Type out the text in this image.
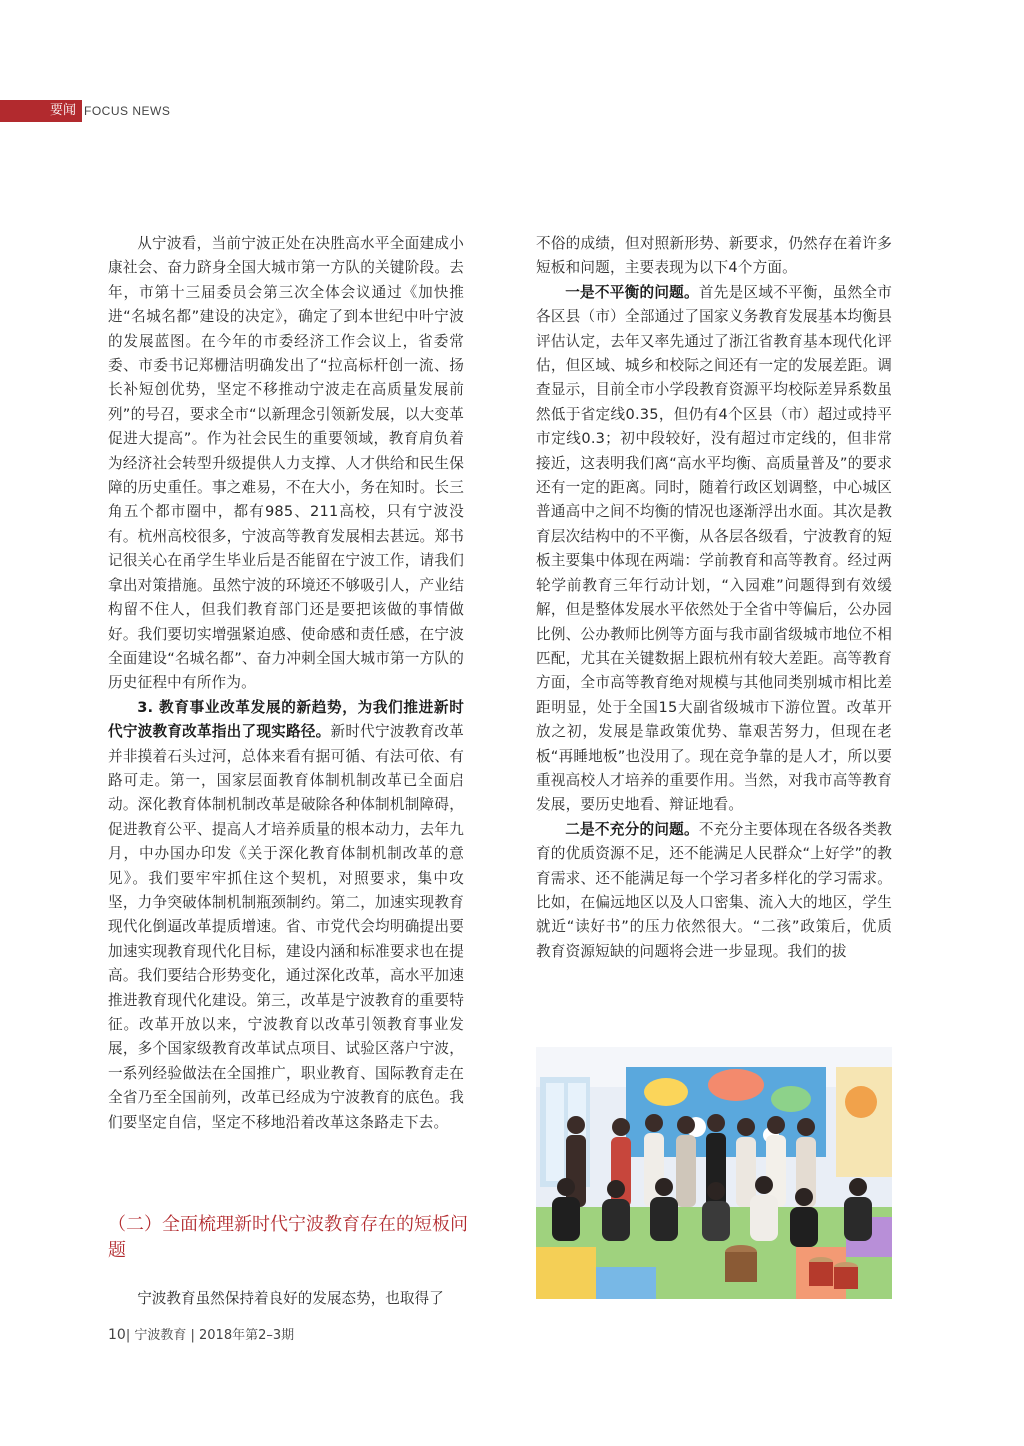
要闻 FOCUS NEWS

从宁波看，当前宁波正处在决胜高水平全面建成小康社会、奋力跻身全国大城市第一方队的关键阶段。去年，市第十三届委员会第三次全体会议通过《加快推进“名城名都”建设的决定》，确定了到本世纪中叶宁波的发展蓝图。在今年的市委经济工作会议上，省委常委、市委书记郑栅洁明确发出了“拉高标杆创一流、扬长补短创优势，坚定不移推动宁波走在高质量发展前列”的号召，要求全市“以新理念引领新发展，以大变革促进大提高”。作为社会民生的重要领域，教育肩负着为经济社会转型升级提供人力支撑、人才供给和民生保障的历史重任。事之难易，不在大小，务在知时。长三角五个都市圈中，都有985、211高校，只有宁波没有。杭州高校很多，宁波高等教育发展相去甚远。郑书记很关心在甬学生毕业后是否能留在宁波工作，请我们拿出对策措施。虽然宁波的环境还不够吸引人，产业结构留不住人，但我们教育部门还是要把该做的事情做好。我们要切实增强紧迫感、使命感和责任感，在宁波全面建设“名城名都”、奋力冲刺全国大城市第一方队的历史征程中有所作为。

3. 教育事业改革发展的新趋势，为我们推进新时代宁波教育改革指出了现实路径。新时代宁波教育改革并非摸着石头过河，总体来看有据可循、有法可依、有路可走。第一，国家层面教育体制机制改革已全面启动。深化教育体制机制改革是破除各种体制机制障碍，促进教育公平、提高人才培养质量的根本动力，去年九月，中办国办印发《关于深化教育体制机制改革的意见》。我们要牢牢抓住这个契机，对照要求，集中攻坚，力争突破体制机制瓶颈制约。第二，加速实现教育现代化倒逼改革提质增速。省、市党代会均明确提出要加速实现教育现代化目标，建设内涵和标准要求也在提高。我们要结合形势变化，通过深化改革，高水平加速推进教育现代化建设。第三，改革是宁波教育的重要特征。改革开放以来，宁波教育以改革引领教育事业发展，多个国家级教育改革试点项目、试验区落户宁波，一系列经验做法在全国推广，职业教育、国际教育走在全省乃至全国前列，改革已经成为宁波教育的底色。我们要坚定自信，坚定不移地沿着改革这条路走下去。

（二）全面梳理新时代宁波教育存在的短板问题
宁波教育虽然保持着良好的发展态势，也取得了

不俗的成绩，但对照新形势、新要求，仍然存在着许多短板和问题，主要表现为以下4个方面。

一是不平衡的问题。首先是区域不平衡，虽然全市各区县（市）全部通过了国家义务教育发展基本均衡县评估认定，去年又率先通过了浙江省教育基本现代化评估，但区域、城乡和校际之间还有一定的发展差距。调查显示，目前全市小学段教育资源平均校际差异系数虽然低于省定线0.35，但仍有4个区县（市）超过或持平市定线0.3；初中段较好，没有超过市定线的，但非常接近，这表明我们离“高水平均衡、高质量普及”的要求还有一定的距离。同时，随着行政区划调整，中心城区普通高中之间不均衡的情况也逐渐浮出水面。其次是教育层次结构中的不平衡，从各层各级看，宁波教育的短板主要集中体现在两端：学前教育和高等教育。经过两轮学前教育三年行动计划，“入园难”问题得到有效缓解，但是整体发展水平依然处于全省中等偏后，公办园比例、公办教师比例等方面与我市副省级城市地位不相匹配，尤其在关键数据上跟杭州有较大差距。高等教育方面，全市高等教育绝对规模与其他同类别城市相比差距明显，处于全国15大副省级城市下游位置。改革开放之初，发展是靠政策优势、靠艰苦努力，但现在老板“再睡地板”也没用了。现在竞争靠的是人才，所以要重视高校人才培养的重要作用。当然，对我市高等教育发展，要历史地看、辩证地看。

二是不充分的问题。不充分主要体现在各级各类教育的优质资源不足，还不能满足人民群众“上好学”的教育需求、还不能满足每一个学习者多样化的学习需求。比如，在偏远地区以及人口密集、流入大的地区，学生就近“读好书”的压力依然很大。“二孩”政策后，优质教育资源短缺的问题将会进一步显现。我们的拔

10| 宁波教育 | 2018年第2–3期
